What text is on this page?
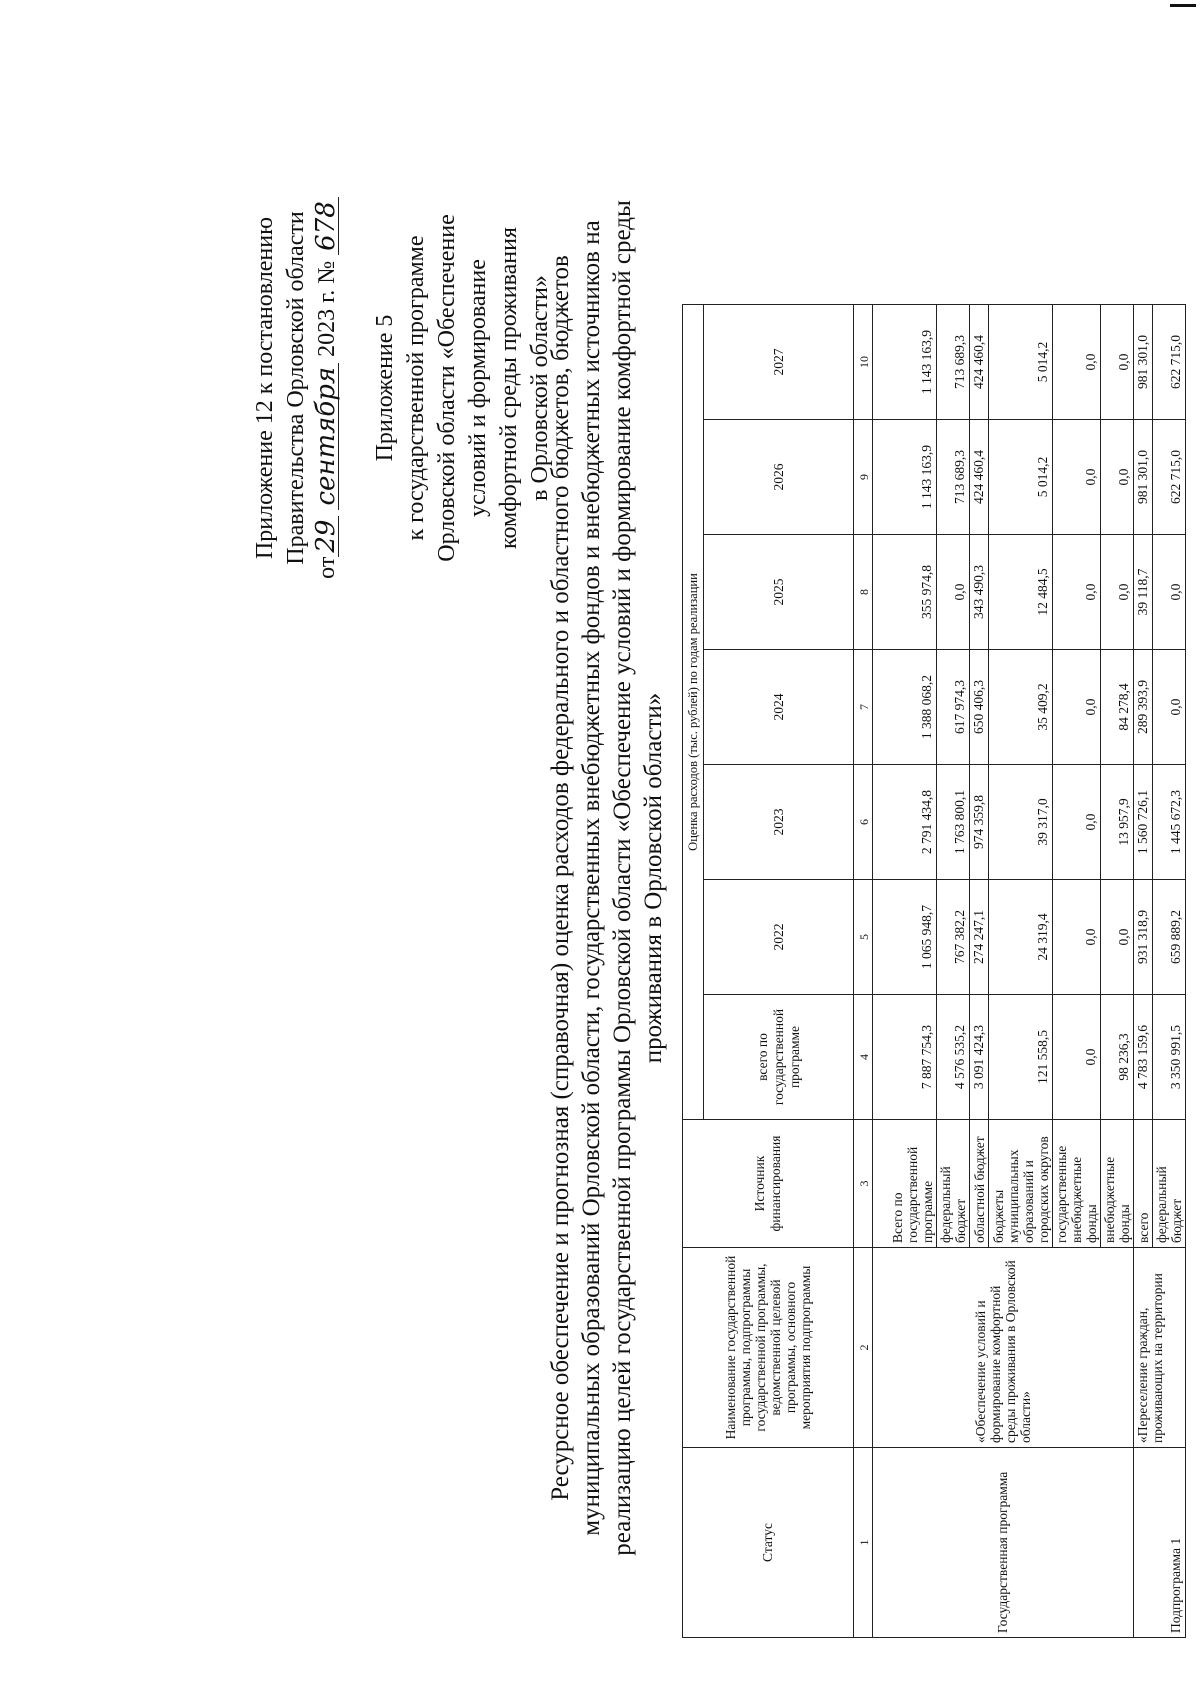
Приложение 12 к постановлению Правительства Орловской области
от29 сентября 2023 г. № 678
Приложение 5 к государственной программе Орловской области «Обеспечение условий и формирование комфортной среды проживания в Орловской области»
Ресурсное обеспечение и прогнозная (справочная) оценка расходов федерального и областного бюджетов, бюджетов муниципальных образований Орловской области, государственных внебюджетных фондов и внебюджетных источников на реализацию целей государственной программы Орловской области «Обеспечение условий и формирование комфортной среды проживания в Орловской области»
Статус	Наименование государственной программы, подпрограммы государственной программы, ведомственной целевой программы, основного мероприятия подпрограммы	Источник финансирования	Оценка расходов (тыс. рублей) по годам реализации						
			всего по государственной программе	2022	2023	2024	2025	2026	2027
1	2	3	4	5	6	7	8	9	10
Государственная программа	«Обеспечение условий и формирование комфортной среды проживания в Орловской области»	Всего по государственной программе	7 887 754,3	1 065 948,7	2 791 434,8	1 388 068,2	355 974,8	1 143 163,9	1 143 163,9
		федеральный бюджет	4 576 535,2	767 382,2	1 763 800,1	617 974,3	0,0	713 689,3	713 689,3
		областной бюджет	3 091 424,3	274 247,1	974 359,8	650 406,3	343 490,3	424 460,4	424 460,4
		бюджеты муниципальных образований и городских округов	121 558,5	24 319,4	39 317,0	35 409,2	12 484,5	5 014,2	5 014,2
		государственные внебюджетные фонды	0,0	0,0	0,0	0,0	0,0	0,0	0,0
		внебюджетные фонды	98 236,3	0,0	13 957,9	84 278,4	0,0	0,0	0,0
Подпрограмма 1	«Переселение граждан, проживающих на территории	всего	4 783 159,6	931 318,9	1 560 726,1	289 393,9	39 118,7	981 301,0	981 301,0
		федеральный бюджет	3 350 991,5	659 889,2	1 445 672,3	0,0	0,0	622 715,0	622 715,0
